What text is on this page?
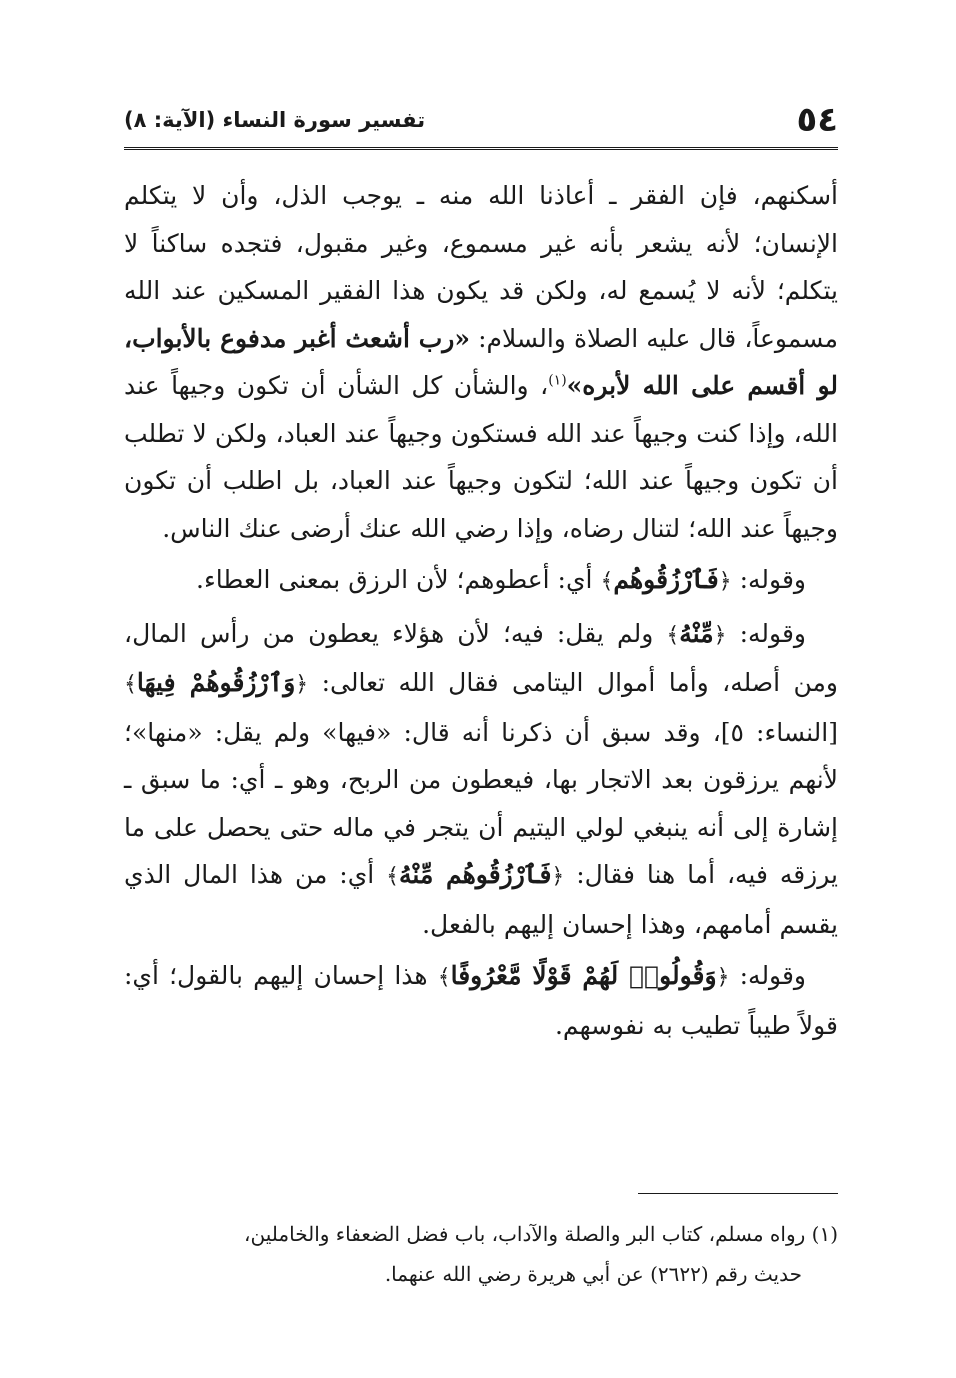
٥٤
تفسير سورة النساء (الآية: ٨)

أسكنهم، فإن الفقر ـ أعاذنا الله منه ـ يوجب الذل، وأن لا يتكلم الإنسان؛ لأنه يشعر بأنه غير مسموع، وغير مقبول، فتجده ساكناً لا يتكلم؛ لأنه لا يُسمع له، ولكن قد يكون هذا الفقير المسكين عند الله مسموعاً، قال عليه الصلاة والسلام: «رب أشعث أغبر مدفوع بالأبواب، لو أقسم على الله لأبره»$^{(١)}$، والشأن كل الشأن أن تكون وجيهاً عند الله، وإذا كنت وجيهاً عند الله فستكون وجيهاً عند العباد، ولكن لا تطلب أن تكون وجيهاً عند الله؛ لتكون وجيهاً عند العباد، بل اطلب أن تكون وجيهاً عند الله؛ لتنال رضاه، وإذا رضي الله عنك أرضى عنك الناس.

وقوله: ﴿فَٱرْزُقُوهُم﴾ أي: أعطوهم؛ لأن الرزق بمعنى العطاء.

وقوله: ﴿مِّنْهُ﴾ ولم يقل: فيه؛ لأن هؤلاء يعطون من رأس المال، ومن أصله، وأما أموال اليتامى فقال الله تعالى: ﴿وَٱرْزُقُوهُمْ فِيهَا﴾ [النساء: ٥]، وقد سبق أن ذكرنا أنه قال: «فيها» ولم يقل: «منها»؛ لأنهم يرزقون بعد الاتجار بها، فيعطون من الربح، وهو ـ أي: ما سبق ـ إشارة إلى أنه ينبغي لولي اليتيم أن يتجر في ماله حتى يحصل على ما يرزقه فيه، أما هنا فقال: ﴿فَٱرْزُقُوهُم مِّنْهُ﴾ أي: من هذا المال الذي يقسم أمامهم، وهذا إحسان إليهم بالفعل.

وقوله: ﴿وَقُولُوا۟ لَهُمْ قَوْلًا مَّعْرُوفًا﴾ هذا إحسان إليهم بالقول؛ أي: قولاً طيباً تطيب به نفوسهم.

(١) رواه مسلم، كتاب البر والصلة والآداب، باب فضل الضعفاء والخاملين،

حديث رقم (٢٦٢٢) عن أبي هريرة رضي الله عنهما.
